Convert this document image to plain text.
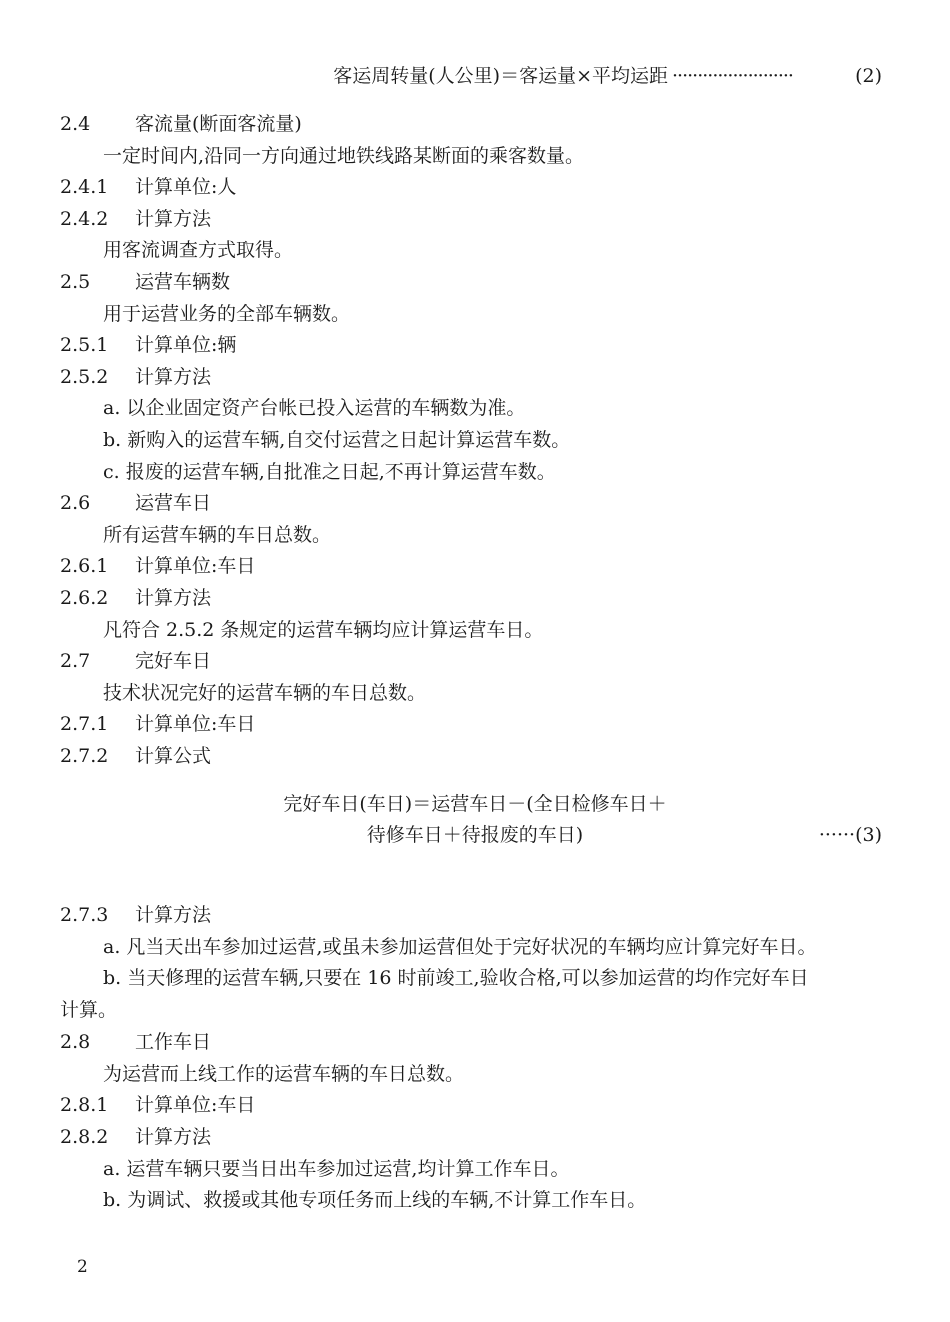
客运周转量(人公里)＝客运量×平均运距 ························	(2)
2.4 客流量(断面客流量)
一定时间内,沿同一方向通过地铁线路某断面的乘客数量。
2.4.1 计算单位:人
2.4.2 计算方法
用客流调查方式取得。
2.5 运营车辆数
用于运营业务的全部车辆数。
2.5.1 计算单位:辆
2.5.2 计算方法
a. 以企业固定资产台帐已投入运营的车辆数为准。
b. 新购入的运营车辆,自交付运营之日起计算运营车数。
c. 报废的运营车辆,自批准之日起,不再计算运营车数。
2.6 运营车日
所有运营车辆的车日总数。
2.6.1 计算单位:车日
2.6.2 计算方法
凡符合 2.5.2 条规定的运营车辆均应计算运营车日。
2.7 完好车日
技术状况完好的运营车辆的车日总数。
2.7.1 计算单位:车日
2.7.2 计算公式
完好车日(车日)＝运营车日－(全日检修车日＋
待修车日＋待报废的车日)	······(3)
2.7.3 计算方法
a. 凡当天出车参加过运营,或虽未参加运营但处于完好状况的车辆均应计算完好车日。
b. 当天修理的运营车辆,只要在 16 时前竣工,验收合格,可以参加运营的均作完好车日
计算。
2.8 工作车日
为运营而上线工作的运营车辆的车日总数。
2.8.1 计算单位:车日
2.8.2 计算方法
a. 运营车辆只要当日出车参加过运营,均计算工作车日。
b. 为调试、救援或其他专项任务而上线的车辆,不计算工作车日。
2
